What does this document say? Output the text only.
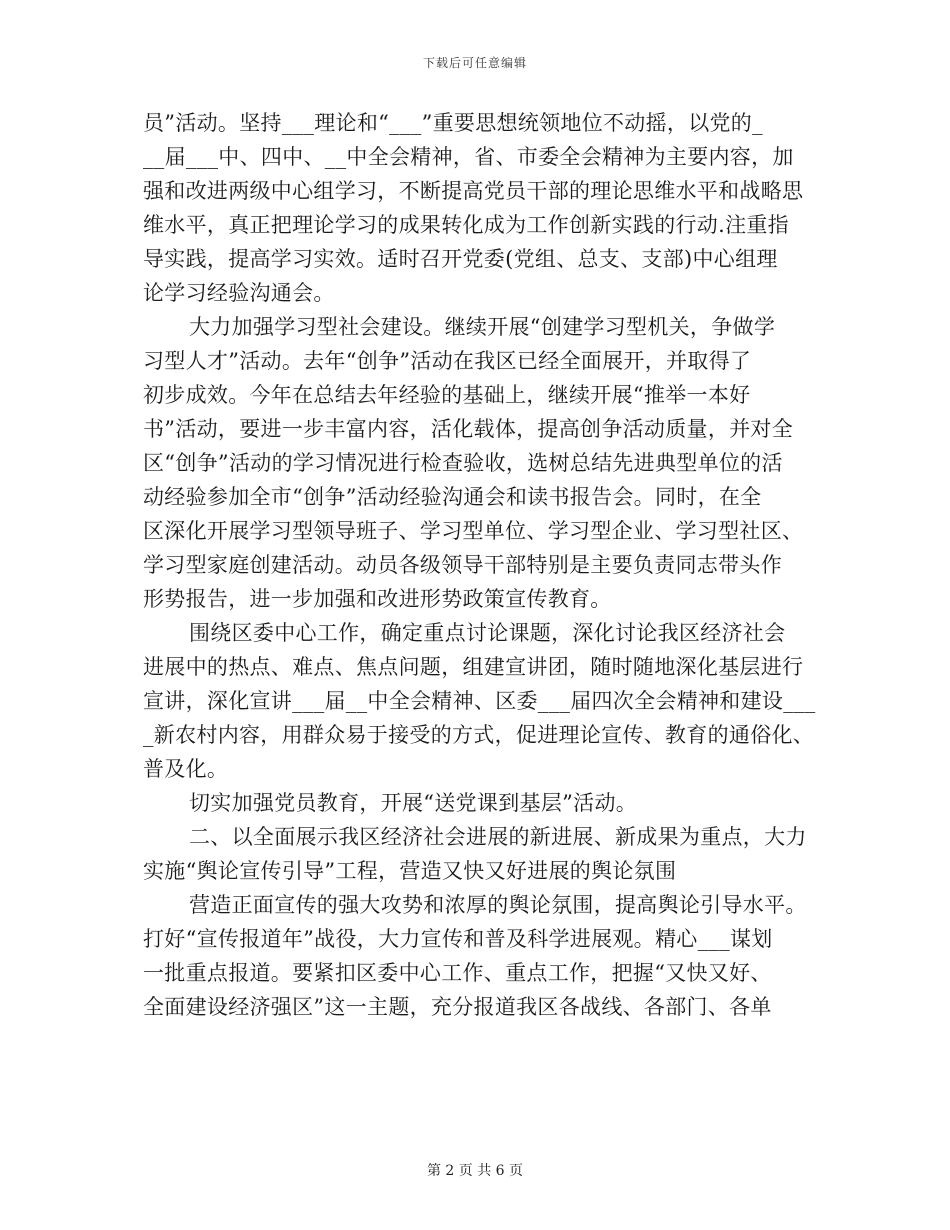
下载后可任意编辑
员”活动。坚持___理论和“___”重要思想统领地位不动摇，以党的_
__届___中、四中、__中全会精神，省、市委全会精神为主要内容，加
强和改进两级中心组学习，不断提高党员干部的理论思维水平和战略思
维水平，真正把理论学习的成果转化成为工作创新实践的行动.注重指
导实践，提高学习实效。适时召开党委(党组、总支、支部)中心组理
论学习经验沟通会。
大力加强学习型社会建设。继续开展“创建学习型机关，争做学
习型人才”活动。去年“创争”活动在我区已经全面展开，并取得了
初步成效。今年在总结去年经验的基础上，继续开展“推举一本好
书”活动，要进一步丰富内容，活化载体，提高创争活动质量，并对全
区“创争”活动的学习情况进行检查验收，选树总结先进典型单位的活
动经验参加全市“创争”活动经验沟通会和读书报告会。同时，在全
区深化开展学习型领导班子、学习型单位、学习型企业、学习型社区、
学习型家庭创建活动。动员各级领导干部特别是主要负责同志带头作
形势报告，进一步加强和改进形势政策宣传教育。
围绕区委中心工作，确定重点讨论课题，深化讨论我区经济社会
进展中的热点、难点、焦点问题，组建宣讲团，随时随地深化基层进行
宣讲，深化宣讲___届__中全会精神、区委___届四次全会精神和建设___
_新农村内容，用群众易于接受的方式，促进理论宣传、教育的通俗化、
普及化。
切实加强党员教育，开展“送党课到基层”活动。
二、以全面展示我区经济社会进展的新进展、新成果为重点，大力
实施“舆论宣传引导”工程，营造又快又好进展的舆论氛围
营造正面宣传的强大攻势和浓厚的舆论氛围，提高舆论引导水平。
打好“宣传报道年”战役，大力宣传和普及科学进展观。精心___谋划
一批重点报道。要紧扣区委中心工作、重点工作，把握“又快又好、
全面建设经济强区”这一主题，充分报道我区各战线、各部门、各单
第 2 页 共 6 页
